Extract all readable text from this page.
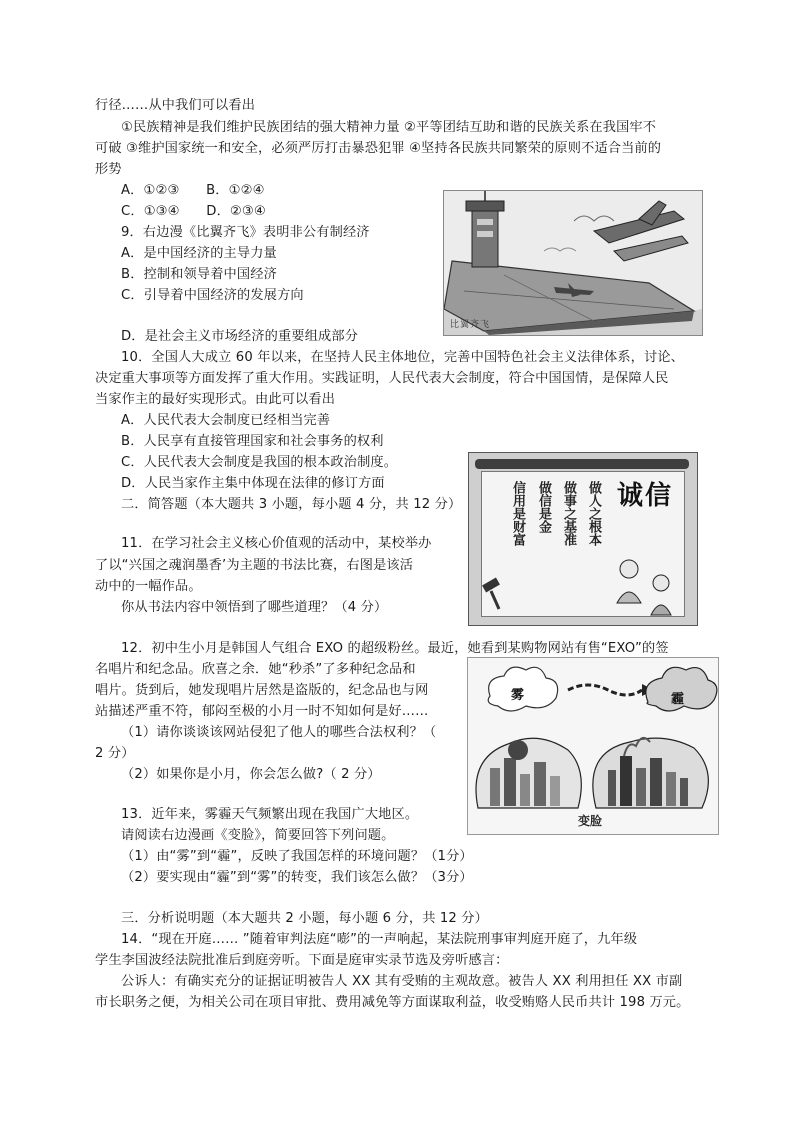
行径……从中我们可以看出
①民族精神是我们维护民族团结的强大精神力量 ②平等团结互助和谐的民族关系在我国牢不
可破 ③维护国家统一和安全，必须严厉打击暴恐犯罪 ④坚持各民族共同繁荣的原则不适合当前的
形势
A．①②③　　B．①②④
C．①③④　　D．②③④
9．右边漫《比翼齐飞》表明非公有制经济
A．是中国经济的主导力量
B．控制和领导着中国经济
C．引导着中国经济的发展方向
D．是社会主义市场经济的重要组成部分
10．全国人大成立 60 年以来，在坚持人民主体地位，完善中国特色社会主义法律体系，讨论、
决定重大事项等方面发挥了重大作用。实践证明，人民代表大会制度，符合中国国情，是保障人民
当家作主的最好实现形式。由此可以看出
A．人民代表大会制度已经相当完善
B．人民享有直接管理国家和社会事务的权利
C．人民代表大会制度是我国的根本政治制度。
D．人民当家作主集中体现在法律的修订方面
二．简答题（本大题共 3 小题，每小题 4 分，共 12 分）
11．在学习社会主义核心价值观的活动中，某校举办
了以“兴国之魂润墨香’为主题的书法比赛，右图是该活
动中的一幅作品。
你从书法内容中领悟到了哪些道理？（4 分）
12．初中生小月是韩国人气组合 EXO 的超级粉丝。最近，她看到某购物网站有售“EXO”的签
名唱片和纪念品。欣喜之余．她“秒杀”了多种纪念品和
唱片。货到后，她发现唱片居然是盗版的，纪念品也与网
站描述严重不符，郁闷至极的小月一时不知如何是好……
（1）请你谈谈该网站侵犯了他人的哪些合法权利？（
2 分）
（2）如果你是小月，你会怎么做?（ 2 分）
13．近年来，雾霾天气频繁出现在我国广大地区。
请阅读右边漫画《变脸》，简要回答下列问题。
（1）由“雾”到“霾”，反映了我国怎样的环境问题？（1分）
（2）要实现由“霾”到“雾”的转变，我们该怎么做？（3分）
三．分析说明题（本大题共 2 小题，每小题 6 分，共 12 分）
14．“现在开庭…… ”随着审判法庭“嘭”的一声响起，某法院刑事审判庭开庭了，九年级
学生李国波经法院批准后到庭旁听。下面是庭审实录节选及旁听感言：
公诉人：有确实充分的证据证明被告人 XX 其有受贿的主观故意。被告人 XX 利用担任 XX 市副
市长职务之便，为相关公司在项目审批、费用减免等方面谋取利益，收受贿赂人民币共计 198 万元。
比翼齐飞
做人之根本
做事之基准
做信是金
信用是财富	诚信
雾	霾
变脸
